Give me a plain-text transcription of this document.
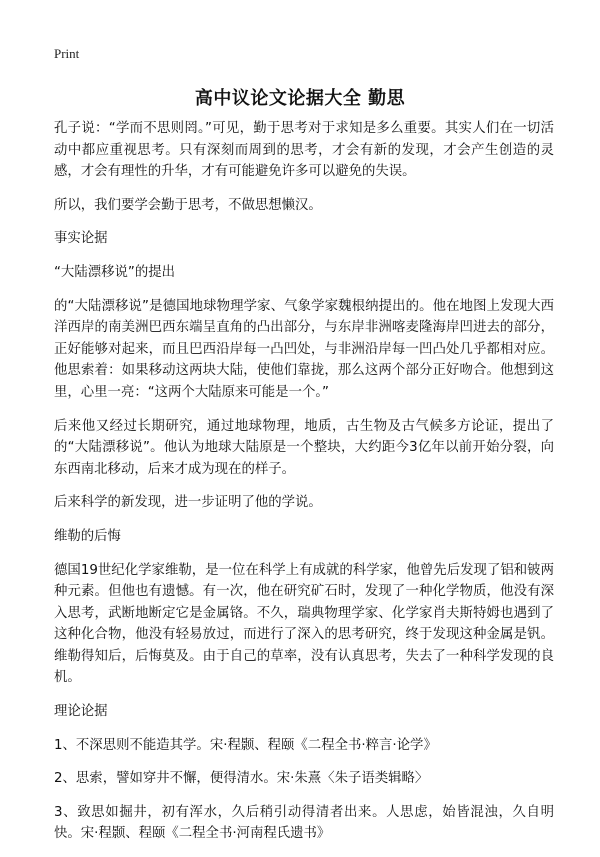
Print
高中议论文论据大全 勤思

孔子说：“学而不思则罔。”可见，勤于思考对于求知是多么重要。其实人们在一切活动中都应重视思考。只有深刻而周到的思考，才会有新的发现，才会产生创造的灵感，才会有理性的升华，才有可能避免许多可以避免的失误。

所以，我们要学会勤于思考，不做思想懒汉。

事实论据

“大陆漂移说”的提出

的“大陆漂移说”是德国地球物理学家、气象学家魏根纳提出的。他在地图上发现大西洋西岸的南美洲巴西东端呈直角的凸出部分，与东岸非洲喀麦隆海岸凹进去的部分，正好能够对起来，而且巴西沿岸每一凸凹处，与非洲沿岸每一凹凸处几乎都相对应。他思索着：如果移动这两块大陆，使他们靠拢，那么这两个部分正好吻合。他想到这里，心里一亮：“这两个大陆原来可能是一个。”

后来他又经过长期研究，通过地球物理，地质，古生物及古气候多方论证，提出了的“大陆漂移说”。他认为地球大陆原是一个整块，大约距今3亿年以前开始分裂，向东西南北移动，后来才成为现在的样子。

后来科学的新发现，进一步证明了他的学说。

维勒的后悔

德国19世纪化学家维勒，是一位在科学上有成就的科学家，他曾先后发现了铝和铍两种元素。但他也有遗憾。有一次，他在研究矿石时，发现了一种化学物质，他没有深入思考，武断地断定它是金属铬。不久，瑞典物理学家、化学家肖夫斯特姆也遇到了这种化合物，他没有轻易放过，而进行了深入的思考研究，终于发现这种金属是钒。维勒得知后，后悔莫及。由于自己的草率，没有认真思考，失去了一种科学发现的良机。

理论论据

1、不深思则不能造其学。宋·程颢、程颐《二程全书·粹言·论学》

2、思索，譬如穿井不懈，便得清水。宋·朱熹〈朱子语类辑略〉

3、致思如掘井，初有浑水，久后稍引动得清者出来。人思虑，始皆混浊，久自明快。宋·程颢、程颐《二程全书·河南程氏遗书》
